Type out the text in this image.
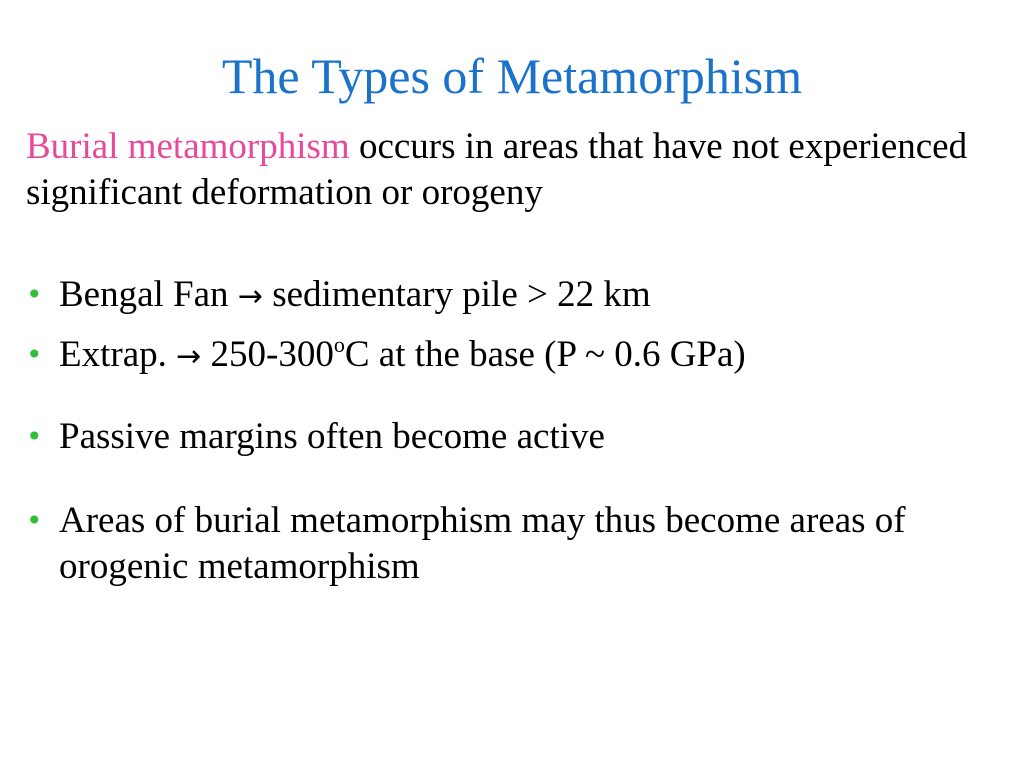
The Types of Metamorphism
Burial metamorphism occurs in areas that have not experienced significant deformation or orogeny
• Bengal Fan → sedimentary pile > 22 km
• Extrap. → $250-300^oC$ at the base (P ~ 0.6 GPa)
• Passive margins often become active
• Areas of burial metamorphism may thus become areas of orogenic metamorphism
